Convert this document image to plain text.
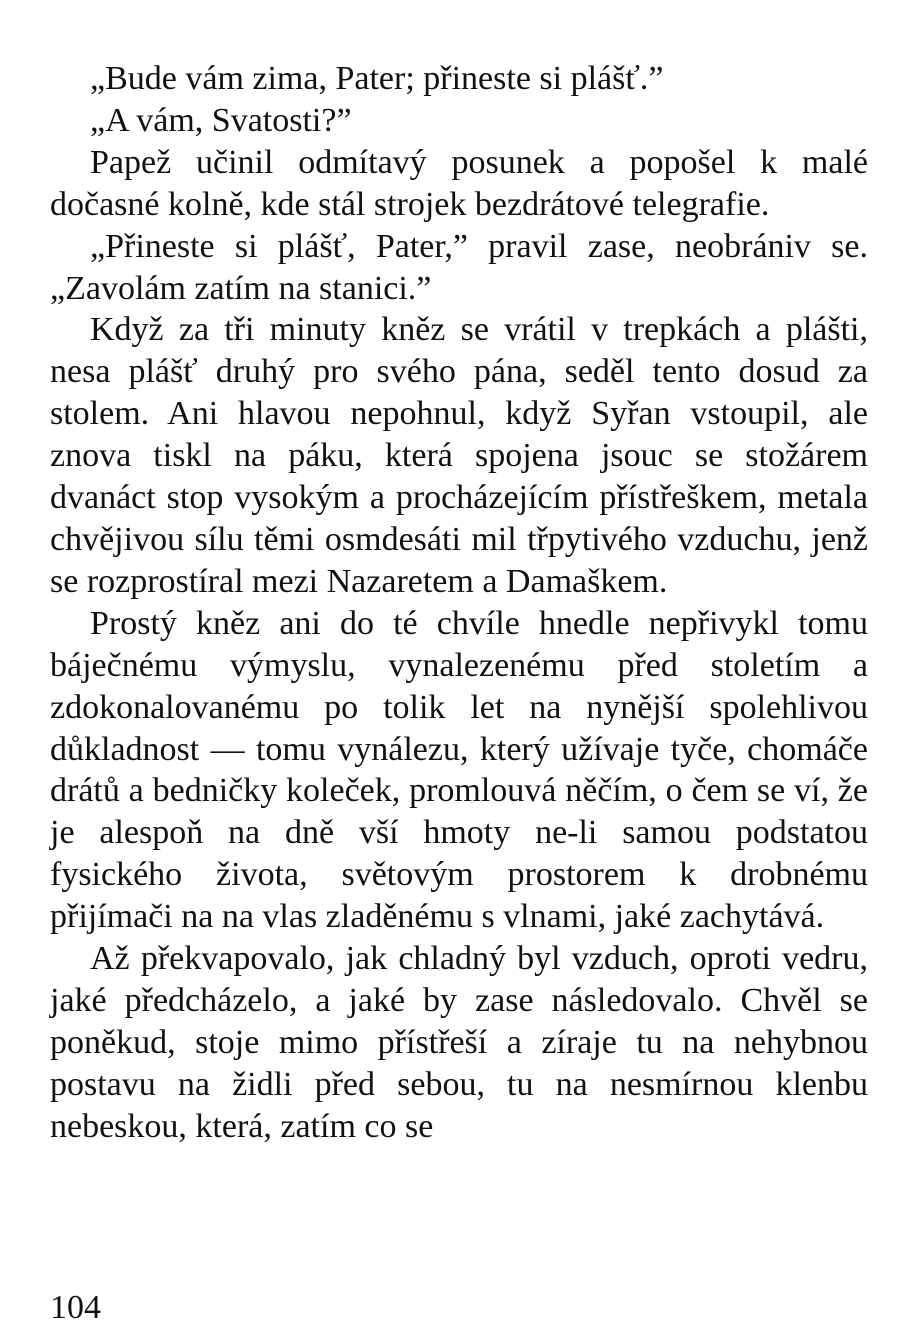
„Bude vám zima, Pater; přineste si plášť.”

„A vám, Svatosti?”

Papež učinil odmítavý posunek a popošel k malé dočasné kolně, kde stál strojek bezdrátové telegrafie.

„Přineste si plášť, Pater,” pravil zase, neobrániv se. „Zavolám zatím na stanici.”

Když za tři minuty kněz se vrátil v trepkách a plášti, nesa plášť druhý pro svého pána, seděl tento dosud za stolem. Ani hlavou nepohnul, když Syřan vstoupil, ale znova tiskl na páku, která spojena jsouc se stožárem dvanáct stop vysokým a procházejícím přístřeškem, metala chvějivou sílu těmi osmdesáti mil třpytivého vzduchu, jenž se rozprostíral mezi Nazaretem a Damaškem.

Prostý kněz ani do té chvíle hnedle nepřivykl tomu báječnému výmyslu, vynalezenému před stoletím a zdokonalovanému po tolik let na nynější spolehlivou důkladnost — tomu vynálezu, který užívaje tyče, chomáče drátů a bedničky koleček, promlouvá něčím, o čem se ví, že je alespoň na dně vší hmoty ne-li samou podstatou fysického života, světovým prostorem k drobnému přijímači na na vlas zladěnému s vlnami, jaké zachytává.

Až překvapovalo, jak chladný byl vzduch, oproti vedru, jaké předcházelo, a jaké by zase následovalo. Chvěl se poněkud, stoje mimo přístřeší a zíraje tu na nehybnou postavu na židli před sebou, tu na nesmírnou klenbu nebeskou, která, zatím co se

104
